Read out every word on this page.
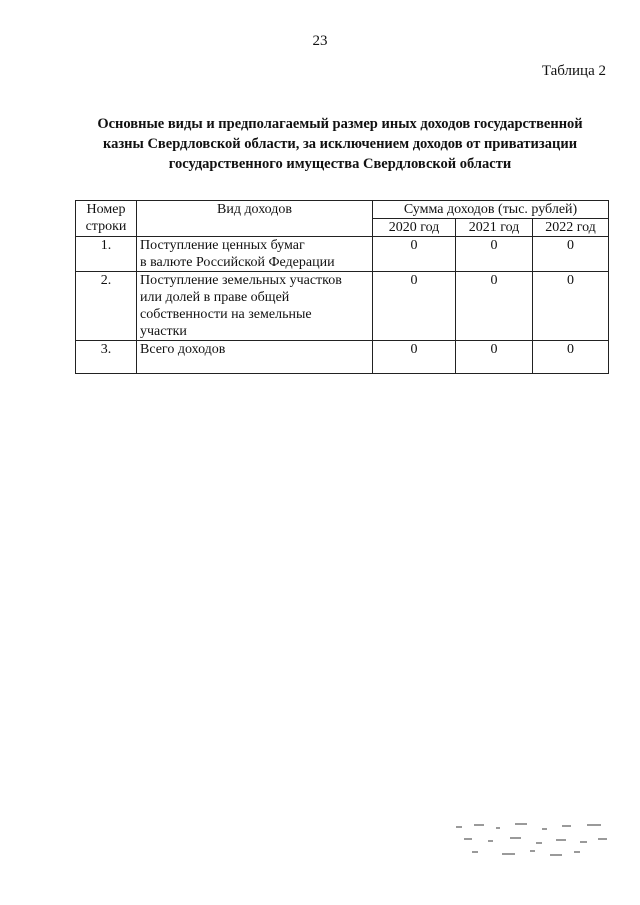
23
Таблица 2
Основные виды и предполагаемый размер иных доходов государственной
казны Свердловской области, за исключением доходов от приватизации
государственного имущества Свердловской области
Номер
строки	Вид доходов	Сумма доходов (тыс. рублей)		
		2020 год	2021 год	2022 год
1.	Поступление ценных бумаг
в валюте Российской Федерации	0	0	0
2.	Поступление земельных участков
или долей в праве общей
собственности на земельные
участки	0	0	0
3.	Всего доходов	0	0	0
